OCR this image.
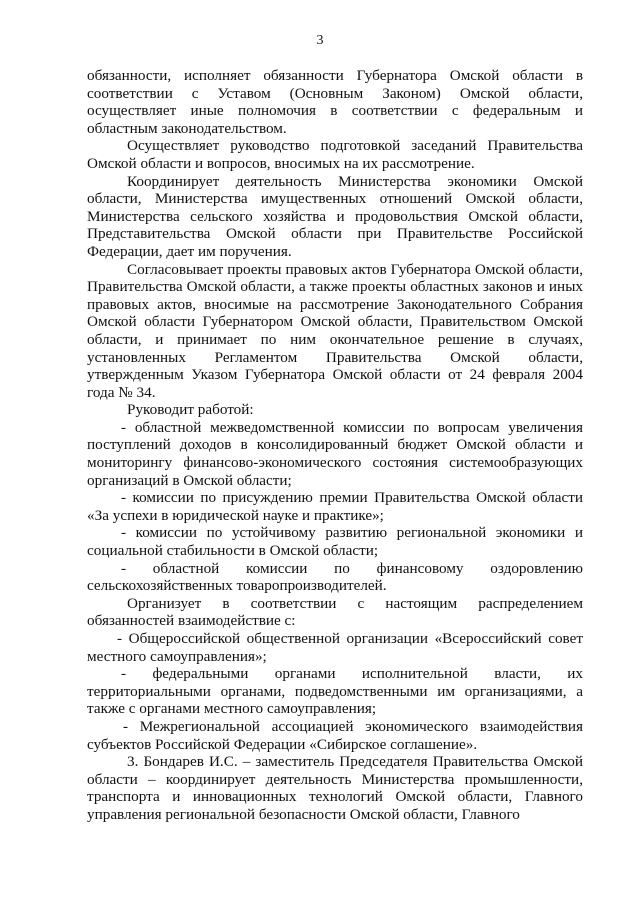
3

обязанности, исполняет обязанности Губернатора Омской области в соответствии с Уставом (Основным Законом) Омской области, осуществляет иные полномочия в соответствии с федеральным и областным законодательством.

Осуществляет руководство подготовкой заседаний Правительства Омской области и вопросов, вносимых на их рассмотрение.

Координирует деятельность Министерства экономики Омской области, Министерства имущественных отношений Омской области, Министерства сельского хозяйства и продовольствия Омской области, Представительства Омской области при Правительстве Российской Федерации, дает им поручения.

Согласовывает проекты правовых актов Губернатора Омской области, Правительства Омской области, а также проекты областных законов и иных правовых актов, вносимые на рассмотрение Законодательного Собрания Омской области Губернатором Омской области, Правительством Омской области, и принимает по ним окончательное решение в случаях, установленных Регламентом Правительства Омской области, утвержденным Указом Губернатора Омской области от 24 февраля 2004 года № 34.

Руководит работой:

- областной межведомственной комиссии по вопросам увеличения поступлений доходов в консолидированный бюджет Омской области и мониторингу финансово-экономического состояния системообразующих организаций в Омской области;

- комиссии по присуждению премии Правительства Омской области «За успехи в юридической науке и практике»;

- комиссии по устойчивому развитию региональной экономики и социальной стабильности в Омской области;

- областной комиссии по финансовому оздоровлению сельскохозяйственных товаропроизводителей.

Организует в соответствии с настоящим распределением обязанностей взаимодействие с:

- Общероссийской общественной организации «Всероссийский совет местного самоуправления»;

- федеральными органами исполнительной власти, их территориальными органами, подведомственными им организациями, а также с органами местного самоуправления;

- Межрегиональной ассоциацией экономического взаимодействия субъектов Российской Федерации «Сибирское соглашение».

3. Бондарев И.С. – заместитель Председателя Правительства Омской области – координирует деятельность Министерства промышленности, транспорта и инновационных технологий Омской области, Главного управления региональной безопасности Омской области, Главного
